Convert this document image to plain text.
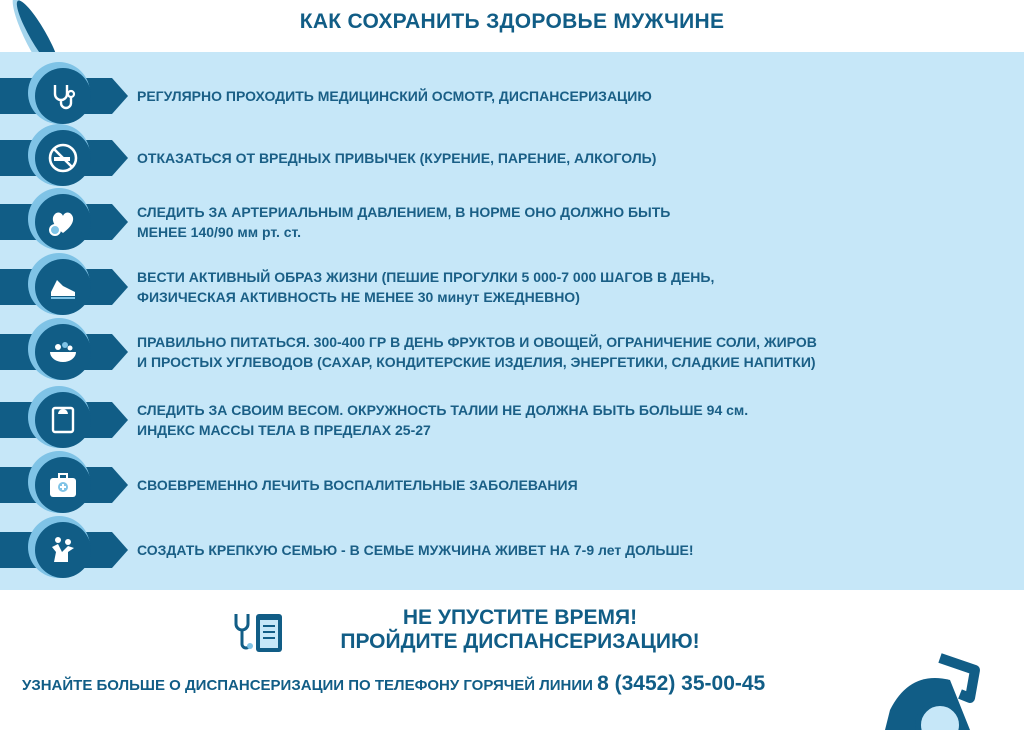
КАК СОХРАНИТЬ ЗДОРОВЬЕ МУЖЧИНЕ
РЕГУЛЯРНО ПРОХОДИТЬ МЕДИЦИНСКИЙ ОСМОТР, ДИСПАНСЕРИЗАЦИЮ
ОТКАЗАТЬСЯ ОТ ВРЕДНЫХ ПРИВЫЧЕК (КУРЕНИЕ, ПАРЕНИЕ, АЛКОГОЛЬ)
СЛЕДИТЬ ЗА АРТЕРИАЛЬНЫМ ДАВЛЕНИЕМ, В НОРМЕ ОНО ДОЛЖНО БЫТЬ
МЕНЕЕ 140/90 мм рт. ст.
ВЕСТИ АКТИВНЫЙ ОБРАЗ ЖИЗНИ (ПЕШИЕ ПРОГУЛКИ 5 000-7 000 ШАГОВ В ДЕНЬ,
ФИЗИЧЕСКАЯ АКТИВНОСТЬ НЕ МЕНЕЕ 30 минут ЕЖЕДНЕВНО)
ПРАВИЛЬНО ПИТАТЬСЯ. 300-400 ГР В ДЕНЬ ФРУКТОВ И ОВОЩЕЙ, ОГРАНИЧЕНИЕ СОЛИ, ЖИРОВ
И ПРОСТЫХ УГЛЕВОДОВ (САХАР, КОНДИТЕРСКИЕ ИЗДЕЛИЯ, ЭНЕРГЕТИКИ, СЛАДКИЕ НАПИТКИ)
СЛЕДИТЬ ЗА СВОИМ ВЕСОМ. ОКРУЖНОСТЬ ТАЛИИ НЕ ДОЛЖНА БЫТЬ БОЛЬШЕ 94 см.
ИНДЕКС МАССЫ ТЕЛА В ПРЕДЕЛАХ 25-27
СВОЕВРЕМЕННО ЛЕЧИТЬ ВОСПАЛИТЕЛЬНЫЕ ЗАБОЛЕВАНИЯ
СОЗДАТЬ КРЕПКУЮ СЕМЬЮ - В СЕМЬЕ МУЖЧИНА ЖИВЕТ НА 7-9 лет ДОЛЬШЕ!
НЕ УПУСТИТЕ ВРЕМЯ!
ПРОЙДИТЕ ДИСПАНСЕРИЗАЦИЮ!
УЗНАЙТЕ БОЛЬШЕ О ДИСПАНСЕРИЗАЦИИ ПО ТЕЛЕФОНУ ГОРЯЧЕЙ ЛИНИИ 8 (3452) 35-00-45
